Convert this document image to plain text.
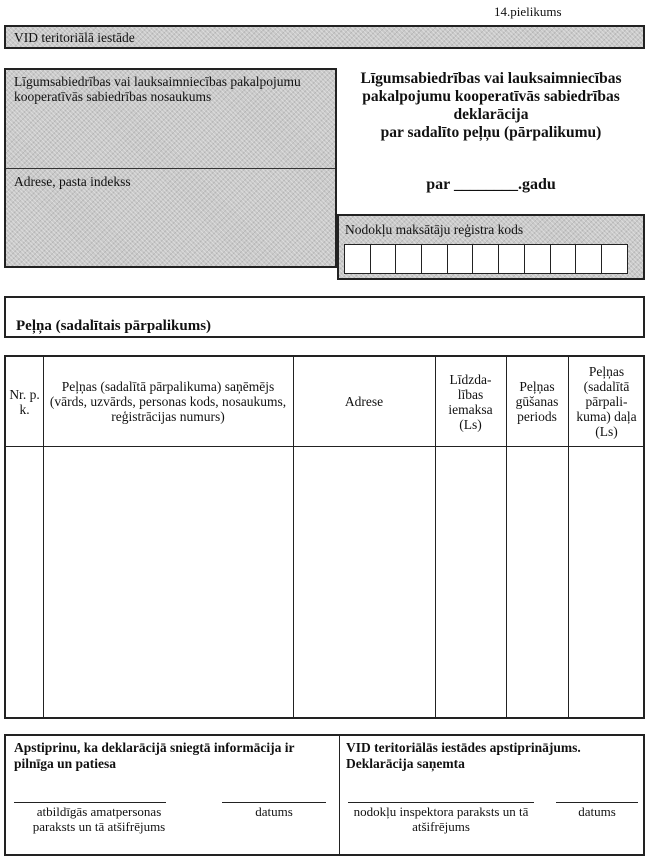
14.pielikums
VID teritoriālā iestāde
Līgumsabiedrības vai lauksaimniecības pakalpojumu kooperatīvās sabiedrības nosaukums
Adrese, pasta indekss
Līgumsabiedrības vai lauksaimniecības
pakalpojumu kooperatīvās sabiedrības
deklarācija
par sadalīto peļņu (pārpalikumu)
par ________.gadu
Nodokļu maksātāju reģistra kods
Peļņa (sadalītais pārpalikums)
Nr. p. k.
Peļņas (sadalītā pārpalikuma) saņēmējs (vārds, uzvārds, personas kods, nosaukums, reģistrācijas numurs)
Adrese
Līdzda-lības iemaksa (Ls)
Peļņas gūšanas periods
Peļņas (sadalītā pārpali-kuma) daļa (Ls)
Apstiprinu, ka deklarācijā sniegtā informācija ir pilnīga un patiesa
atbildīgās amatpersonas paraksts un tā atšifrējums
datums
VID teritoriālās iestādes apstiprinājums. Deklarācija saņemta
nodokļu inspektora paraksts un tā atšifrējums
datums
